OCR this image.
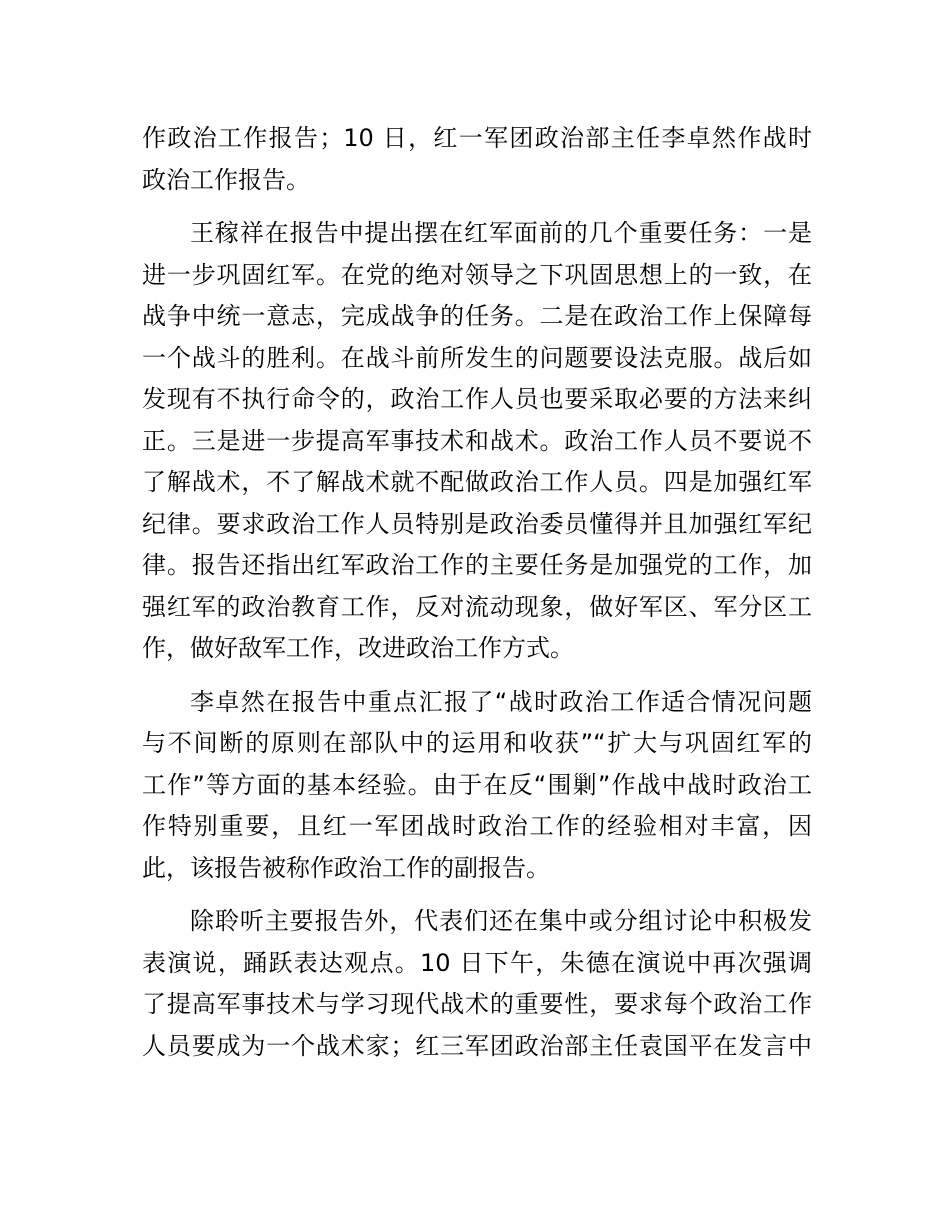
作政治工作报告；10 日，红一军团政治部主任李卓然作战时
政治工作报告。
王稼祥在报告中提出摆在红军面前的几个重要任务：一是
进一步巩固红军。在党的绝对领导之下巩固思想上的一致，在
战争中统一意志，完成战争的任务。二是在政治工作上保障每
一个战斗的胜利。在战斗前所发生的问题要设法克服。战后如
发现有不执行命令的，政治工作人员也要采取必要的方法来纠
正。三是进一步提高军事技术和战术。政治工作人员不要说不
了解战术，不了解战术就不配做政治工作人员。四是加强红军
纪律。要求政治工作人员特别是政治委员懂得并且加强红军纪
律。报告还指出红军政治工作的主要任务是加强党的工作，加
强红军的政治教育工作，反对流动现象，做好军区、军分区工
作，做好敌军工作，改进政治工作方式。
李卓然在报告中重点汇报了“战时政治工作适合情况问题
与不间断的原则在部队中的运用和收获”“扩大与巩固红军的
工作”等方面的基本经验。由于在反“围剿”作战中战时政治工
作特别重要，且红一军团战时政治工作的经验相对丰富，因
此，该报告被称作政治工作的副报告。
除聆听主要报告外，代表们还在集中或分组讨论中积极发
表演说，踊跃表达观点。10 日下午，朱德在演说中再次强调
了提高军事技术与学习现代战术的重要性，要求每个政治工作
人员要成为一个战术家；红三军团政治部主任袁国平在发言中
